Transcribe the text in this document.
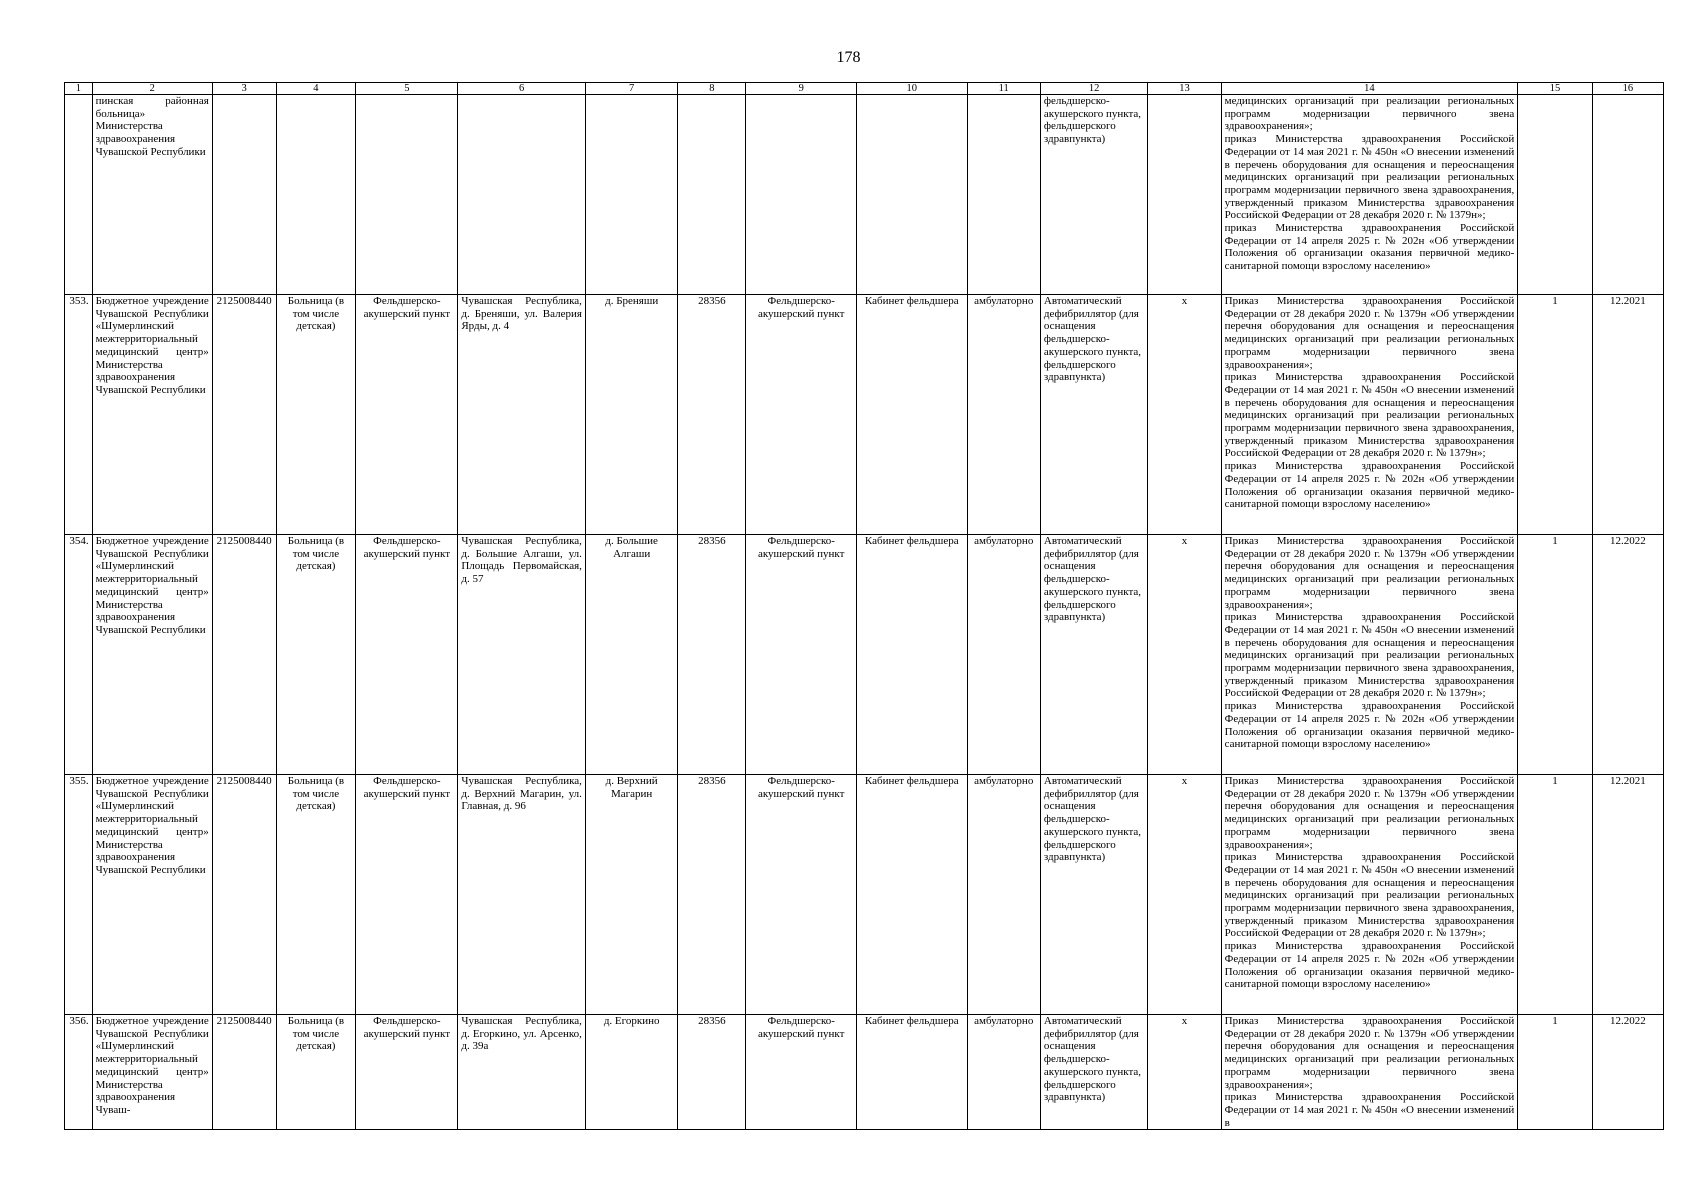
178
1	2	3	4	5	6	7	8	9	10	11	12	13	14	15	16
	пинская районная больница» Министерства здравоохранения Чувашской Республики										фельдшерско-акушерского пункта, фельдшерского здравпункта)		медицинских организаций при реализации региональных программ модернизации первичного звена здравоохранения»;
приказ Министерства здравоохранения Российской Федерации от 14 мая 2021 г. № 450н «О внесении изменений в перечень оборудования для оснащения и переоснащения медицинских организаций при реализации региональных программ модернизации первичного звена здравоохранения, утвержденный приказом Министерства здравоохранения Российской Федерации от 28 декабря 2020 г. № 1379н»;
приказ Министерства здравоохранения Российской Федерации от 14 апреля 2025 г. № 202н «Об утверждении Положения об организации оказания первичной медико-санитарной помощи взрослому населению»		
353.	Бюджетное учреждение Чувашской Республики «Шумерлинский межтерриториальный медицинский центр» Министерства здравоохранения Чувашской Республики	2125008440	Больница (в том числе детская)	Фельдшерско-акушерский пункт	Чувашская Республика, д. Бреняши, ул. Валерия Ярды, д. 4	д. Бреняши	28356	Фельдшерско-акушерский пункт	Кабинет фельдшера	амбулаторно	Автоматический дефибриллятор (для оснащения фельдшерско-акушерского пункта, фельдшерского здравпункта)	x	Приказ Министерства здравоохранения Российской Федерации от 28 декабря 2020 г. № 1379н «Об утверждении перечня оборудования для оснащения и переоснащения медицинских организаций при реализации региональных программ модернизации первичного звена здравоохранения»;
приказ Министерства здравоохранения Российской Федерации от 14 мая 2021 г. № 450н «О внесении изменений в перечень оборудования для оснащения и переоснащения медицинских организаций при реализации региональных программ модернизации первичного звена здравоохранения, утвержденный приказом Министерства здравоохранения Российской Федерации от 28 декабря 2020 г. № 1379н»;
приказ Министерства здравоохранения Российской Федерации от 14 апреля 2025 г. № 202н «Об утверждении Положения об организации оказания первичной медико-санитарной помощи взрослому населению»	1	12.2021
354.	Бюджетное учреждение Чувашской Республики «Шумерлинский межтерриториальный медицинский центр» Министерства здравоохранения Чувашской Республики	2125008440	Больница (в том числе детская)	Фельдшерско-акушерский пункт	Чувашская Республика, д. Большие Алгаши, ул. Площадь Первомайская, д. 57	д. Большие Алгаши	28356	Фельдшерско-акушерский пункт	Кабинет фельдшера	амбулаторно	Автоматический дефибриллятор (для оснащения фельдшерско-акушерского пункта, фельдшерского здравпункта)	x	Приказ Министерства здравоохранения Российской Федерации от 28 декабря 2020 г. № 1379н «Об утверждении перечня оборудования для оснащения и переоснащения медицинских организаций при реализации региональных программ модернизации первичного звена здравоохранения»;
приказ Министерства здравоохранения Российской Федерации от 14 мая 2021 г. № 450н «О внесении изменений в перечень оборудования для оснащения и переоснащения медицинских организаций при реализации региональных программ модернизации первичного звена здравоохранения, утвержденный приказом Министерства здравоохранения Российской Федерации от 28 декабря 2020 г. № 1379н»;
приказ Министерства здравоохранения Российской Федерации от 14 апреля 2025 г. № 202н «Об утверждении Положения об организации оказания первичной медико-санитарной помощи взрослому населению»	1	12.2022
355.	Бюджетное учреждение Чувашской Республики «Шумерлинский межтерриториальный медицинский центр» Министерства здравоохранения Чувашской Республики	2125008440	Больница (в том числе детская)	Фельдшерско-акушерский пункт	Чувашская Республика, д. Верхний Магарин, ул. Главная, д. 96	д. Верхний Магарин	28356	Фельдшерско-акушерский пункт	Кабинет фельдшера	амбулаторно	Автоматический дефибриллятор (для оснащения фельдшерско-акушерского пункта, фельдшерского здравпункта)	x	Приказ Министерства здравоохранения Российской Федерации от 28 декабря 2020 г. № 1379н «Об утверждении перечня оборудования для оснащения и переоснащения медицинских организаций при реализации региональных программ модернизации первичного звена здравоохранения»;
приказ Министерства здравоохранения Российской Федерации от 14 мая 2021 г. № 450н «О внесении изменений в перечень оборудования для оснащения и переоснащения медицинских организаций при реализации региональных программ модернизации первичного звена здравоохранения, утвержденный приказом Министерства здравоохранения Российской Федерации от 28 декабря 2020 г. № 1379н»;
приказ Министерства здравоохранения Российской Федерации от 14 апреля 2025 г. № 202н «Об утверждении Положения об организации оказания первичной медико-санитарной помощи взрослому населению»	1	12.2021
356.	Бюджетное учреждение Чувашской Республики «Шумерлинский межтерриториальный медицинский центр» Министерства здравоохранения Чуваш-	2125008440	Больница (в том числе детская)	Фельдшерско-акушерский пункт	Чувашская Республика, д. Егоркино, ул. Арсенко, д. 39а	д. Егоркино	28356	Фельдшерско-акушерский пункт	Кабинет фельдшера	амбулаторно	Автоматический дефибриллятор (для оснащения фельдшерско-акушерского пункта, фельдшерского здравпункта)	x	Приказ Министерства здравоохранения Российской Федерации от 28 декабря 2020 г. № 1379н «Об утверждении перечня оборудования для оснащения и переоснащения медицинских организаций при реализации региональных программ модернизации первичного звена здравоохранения»;
приказ Министерства здравоохранения Российской Федерации от 14 мая 2021 г. № 450н «О внесении изменений в	1	12.2022
